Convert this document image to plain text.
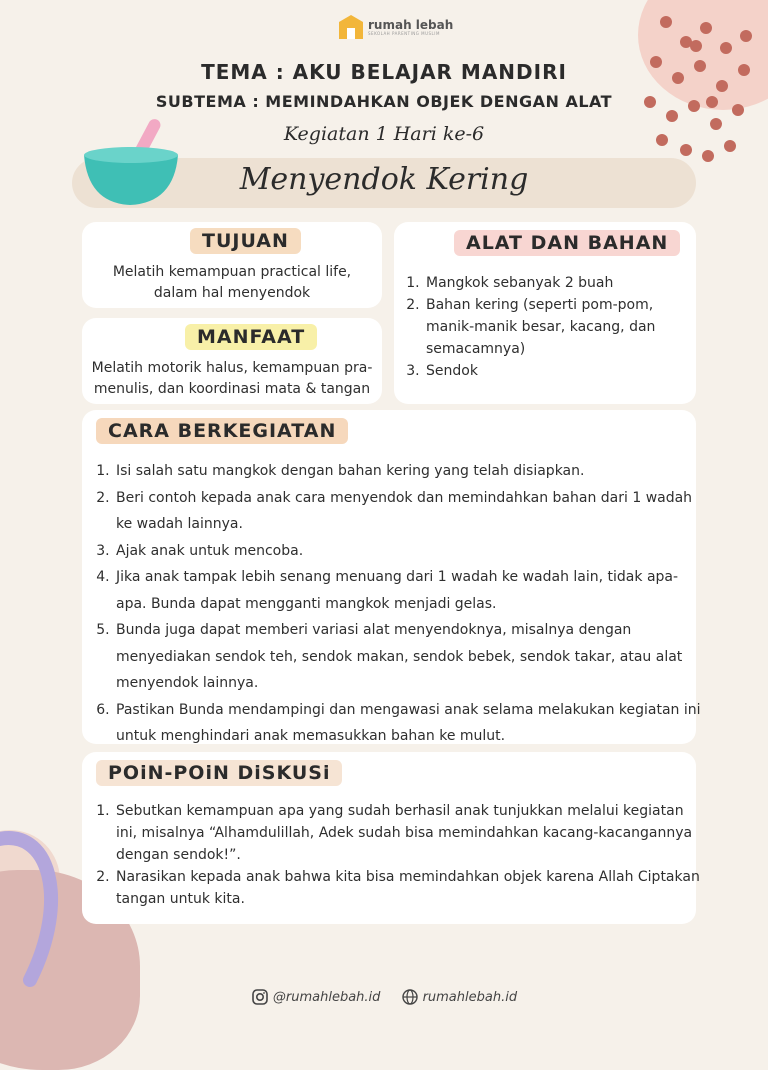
rumah lebah
SEKOLAH PARENTING MUSLIM
TEMA : AKU BELAJAR MANDIRI
SUBTEMA : MEMINDAHKAN OBJEK DENGAN ALAT
Kegiatan 1 Hari ke-6
Menyendok Kering
TUJUAN
Melatih kemampuan practical life, dalam hal menyendok
MANFAAT
Melatih motorik halus, kemampuan pra-menulis, dan koordinasi mata & tangan
ALAT DAN BAHAN
1. Mangkok sebanyak 2 buah
2. Bahan kering (seperti pom-pom, manik-manik besar, kacang, dan semacamnya)
3. Sendok
CARA BERKEGIATAN
1. Isi salah satu mangkok dengan bahan kering yang telah disiapkan.
2. Beri contoh kepada anak cara menyendok dan memindahkan bahan dari 1 wadah ke wadah lainnya.
3. Ajak anak untuk mencoba.
4. Jika anak tampak lebih senang menuang dari 1 wadah ke wadah lain, tidak apa-apa. Bunda dapat mengganti mangkok menjadi gelas.
5. Bunda juga dapat memberi variasi alat menyendoknya, misalnya dengan menyediakan sendok teh, sendok makan, sendok bebek, sendok takar, atau alat menyendok lainnya.
6. Pastikan Bunda mendampingi dan mengawasi anak selama melakukan kegiatan ini untuk menghindari anak memasukkan bahan ke mulut.
POiN-POiN DiSKUSi
1. Sebutkan kemampuan apa yang sudah berhasil anak tunjukkan melalui kegiatan ini, misalnya “Alhamdulillah, Adek sudah bisa memindahkan kacang-kacangannya dengan sendok!”.
2. Narasikan kepada anak bahwa kita bisa memindahkan objek karena Allah Ciptakan tangan untuk kita.
@rumahlebah.id
	rumahlebah.id
